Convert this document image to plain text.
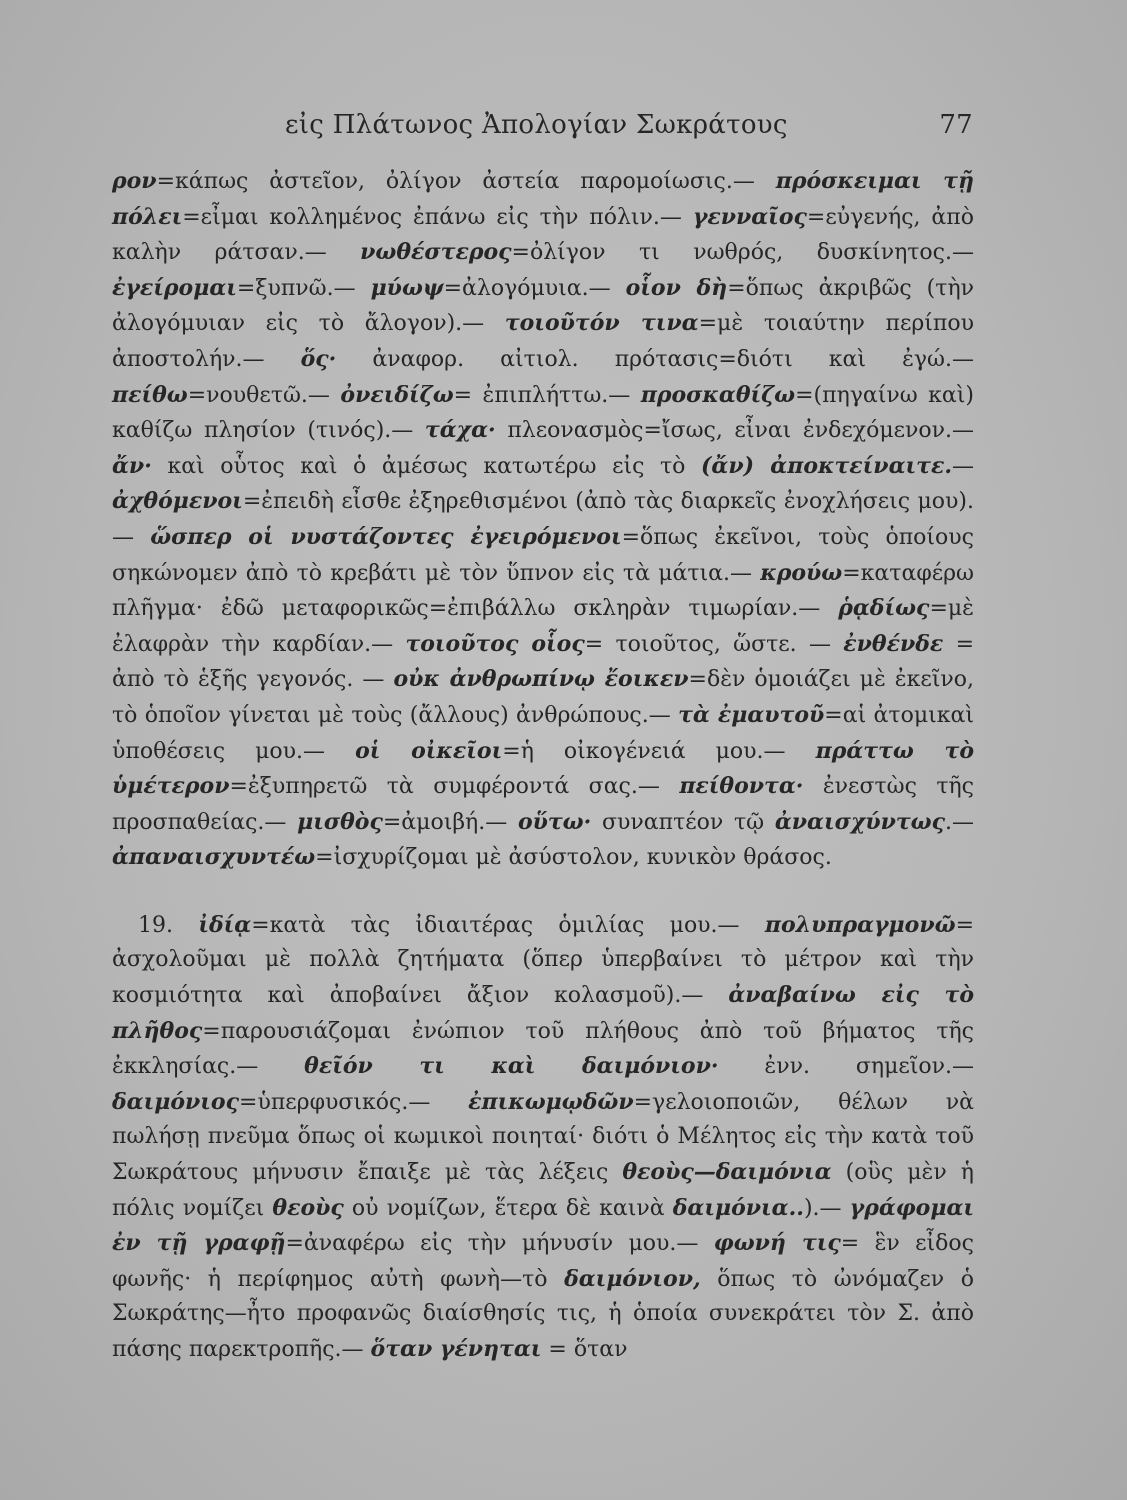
εἰς Πλάτωνος Ἀπολογίαν Σωκράτους	77

ρον=κάπως ἀστεῖον, ὀλίγον ἀστεία παρομοίωσις.— πρόσκειμαι τῇ πόλει=εἶμαι κολλημένος ἐπάνω εἰς τὴν πόλιν.— γενναῖος=εὐγενής, ἀπὸ καλὴν ράτσαν.— νωθέστερος=ὀλίγον τι νωθρός, δυσκίνητος.— ἐγείρομαι=ξυπνῶ.— μύωψ=ἀλογόμυια.— οἷον δὴ=ὅπως ἀκριβῶς (τὴν ἀλογόμυιαν εἰς τὸ ἄλογον).— τοιοῦτόν τινα=μὲ τοιαύτην περίπου ἀποστολήν.— ὅς· ἀναφορ. αἰτιολ. πρότασις=διότι καὶ ἐγώ.— πείθω=νουθετῶ.— ὀνειδίζω= ἐπιπλήττω.— προσκαθίζω=(πηγαίνω καὶ) καθίζω πλησίον (τινός).— τάχα· πλεονασμὸς=ἴσως, εἶναι ἐνδεχόμενον.— ἄν· καὶ οὗτος καὶ ὁ ἀμέσως κατωτέρω εἰς τὸ (ἄν) ἀποκτείναιτε.— ἀχθόμενοι=ἐπειδὴ εἶσθε ἐξηρεθισμένοι (ἀπὸ τὰς διαρκεῖς ἐνοχλήσεις μου).— ὥσπερ οἱ νυστάζοντες ἐγειρόμενοι=ὅπως ἐκεῖνοι, τοὺς ὁποίους σηκώνομεν ἀπὸ τὸ κρεβάτι μὲ τὸν ὕπνον εἰς τὰ μάτια.— κρούω=καταφέρω πλῆγμα· ἐδῶ μεταφορικῶς=ἐπιβάλλω σκληρὰν τιμωρίαν.— ῥᾳδίως=μὲ ἐλαφρὰν τὴν καρδίαν.— τοιοῦτος οἷος= τοιοῦτος, ὥστε. — ἐνθένδε = ἀπὸ τὸ ἑξῆς γεγονός. — οὐκ ἀνθρωπίνῳ ἔοικεν=δὲν ὁμοιάζει μὲ ἐκεῖνο, τὸ ὁποῖον γίνεται μὲ τοὺς (ἄλλους) ἀνθρώπους.— τὰ ἐμαυτοῦ=αἱ ἀτομικαὶ ὑποθέσεις μου.— οἱ οἰκεῖοι=ἡ οἰκογένειά μου.— πράττω τὸ ὑμέτερον=ἐξυπηρετῶ τὰ συμφέροντά σας.— πείθοντα· ἐνεστὼς τῆς προσπαθείας.— μισθὸς=ἀμοιβή.— οὕτω· συναπτέον τῷ ἀναισχύντως.— ἀπαναισχυντέω=ἰσχυρίζομαι μὲ ἀσύστολον, κυνικὸν θράσος.

19. ἰδίᾳ=κατὰ τὰς ἰδιαιτέρας ὁμιλίας μου.— πολυπραγμονῶ= ἀσχολοῦμαι μὲ πολλὰ ζητήματα (ὅπερ ὑπερβαίνει τὸ μέτρον καὶ τὴν κοσμιότητα καὶ ἀποβαίνει ἄξιον κολασμοῦ).— ἀναβαίνω εἰς τὸ πλῆθος=παρουσιάζομαι ἐνώπιον τοῦ πλήθους ἀπὸ τοῦ βήματος τῆς ἐκκλησίας.— θεῖόν τι καὶ δαιμόνιον· ἐνν. σημεῖον.— δαιμόνιος=ὑπερφυσικός.— ἐπικωμῳδῶν=γελοιοποιῶν, θέλων νὰ πωλήσῃ πνεῦμα ὅπως οἱ κωμικοὶ ποιηταί· διότι ὁ Μέλητος εἰς τὴν κατὰ τοῦ Σωκράτους μήνυσιν ἔπαιξε μὲ τὰς λέξεις θεοὺς—δαιμόνια (οὓς μὲν ἡ πόλις νομίζει θεοὺς οὐ νομίζων, ἕτερα δὲ καινὰ δαιμόνια..).— γράφομαι ἐν τῇ γραφῇ=ἀναφέρω εἰς τὴν μήνυσίν μου.— φωνή τις= ἓν εἶδος φωνῆς· ἡ περίφημος αὐτὴ φωνὴ—τὸ δαιμόνιον, ὅπως τὸ ὠνόμαζεν ὁ Σωκράτης—ἦτο προφανῶς διαίσθησίς τις, ἡ ὁποία συνεκράτει τὸν Σ. ἀπὸ πάσης παρεκτροπῆς.— ὅταν γένηται = ὅταν
